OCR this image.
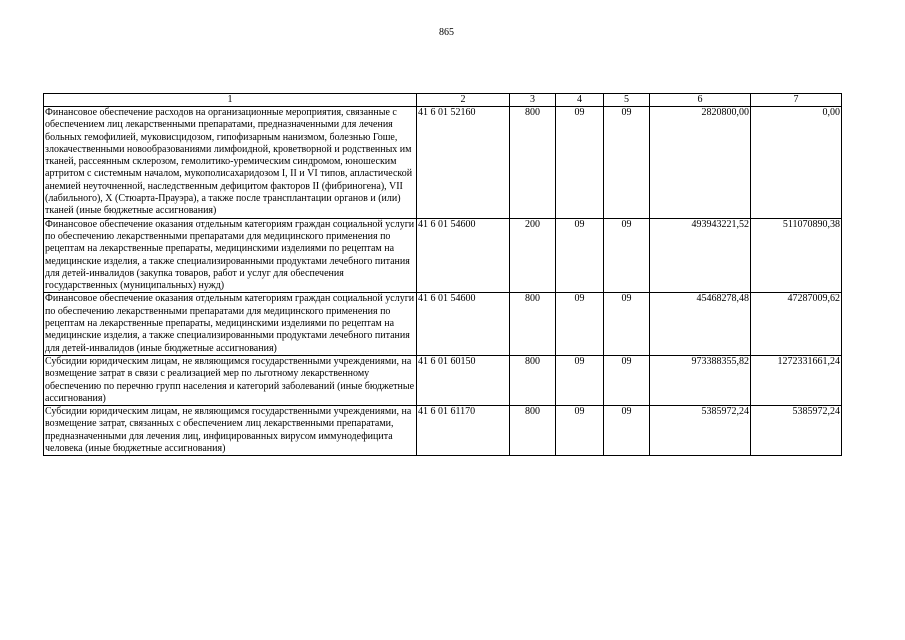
865
1	2	3	4	5	6	7
Финансовое обеспечение расходов на организационные мероприятия, связанные с обеспечением лиц лекарственными препаратами, предназначенными для лечения больных гемофилией, муковисцидозом, гипофизарным нанизмом, болезнью Гоше, злокачественными новообразованиями лимфоидной, кроветворной и родственных им тканей, рассеянным склерозом, гемолитико-уремическим синдромом, юношеским артритом с системным началом, мукополисахаридозом I, II и VI типов, апластической анемией неуточненной, наследственным дефицитом факторов II (фибриногена), VII (лабильного), X (Стюарта-Прауэра), а также после трансплантации органов и (или) тканей (иные бюджетные ассигнования)	41 6 01 52160	800	09	09	2820800,00	0,00
Финансовое обеспечение оказания отдельным категориям граждан социальной услуги по обеспечению лекарственными препаратами для медицинского применения по рецептам на лекарственные препараты, медицинскими изделиями по рецептам на медицинские изделия, а также специализированными продуктами лечебного питания для детей-инвалидов (закупка товаров, работ и услуг для обеспечения государственных (муниципальных) нужд)	41 6 01 54600	200	09	09	493943221,52	511070890,38
Финансовое обеспечение оказания отдельным категориям граждан социальной услуги по обеспечению лекарственными препаратами для медицинского применения по рецептам на лекарственные препараты, медицинскими изделиями по рецептам на медицинские изделия, а также специализированными продуктами лечебного питания для детей-инвалидов (иные бюджетные ассигнования)	41 6 01 54600	800	09	09	45468278,48	47287009,62
Субсидии юридическим лицам, не являющимся государственными учреждениями, на возмещение затрат в связи с реализацией мер по льготному лекарственному обеспечению по перечню групп населения и категорий заболеваний (иные бюджетные ассигнования)	41 6 01 60150	800	09	09	973388355,82	1272331661,24
Субсидии юридическим лицам, не являющимся государственными учреждениями, на возмещение затрат, связанных с обеспечением лиц лекарственными препаратами, предназначенными для лечения лиц, инфицированных вирусом иммунодефицита человека (иные бюджетные ассигнования)	41 6 01 61170	800	09	09	5385972,24	5385972,24
